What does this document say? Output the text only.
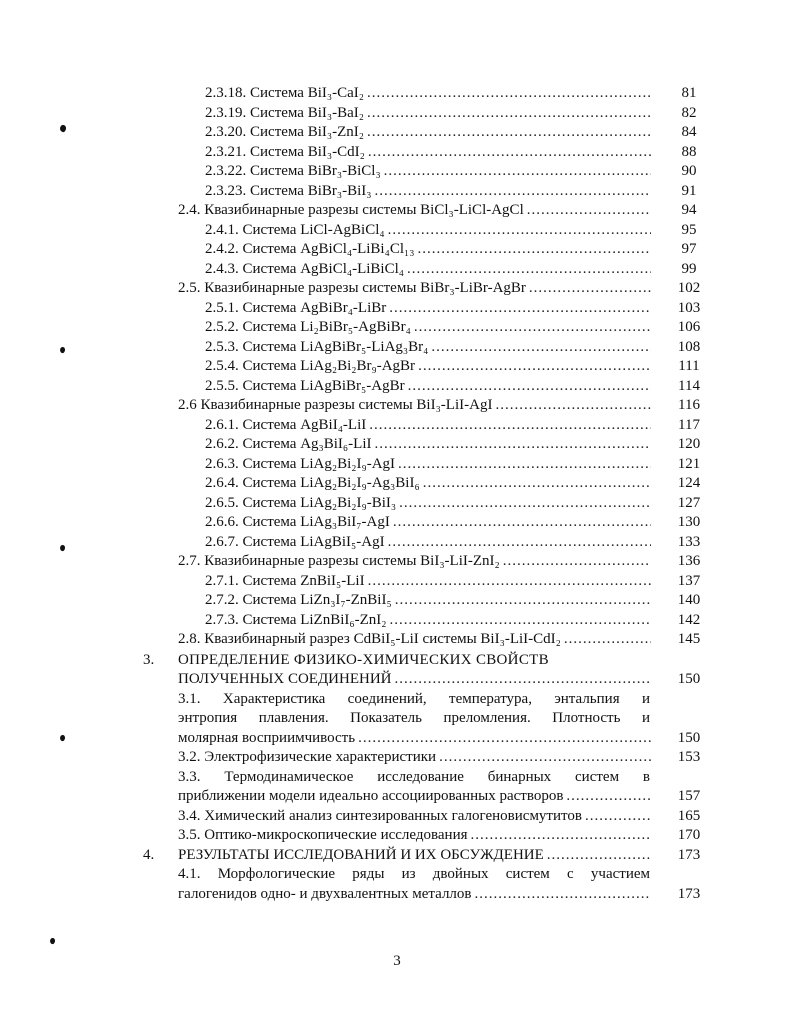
2.3.18. Система BiI₃-CaI₂ .....	81
2.3.19. Система BiI₃-BaI₂ .....	82
2.3.20. Система BiI₃-ZnI₂ .....	84
2.3.21. Система BiI₃-CdI₂ .....	88
2.3.22. Система BiBr₃-BiCl₃ .....	90
2.3.23. Система BiBr₃-BiI₃ .....	91
2.4. Квазибинарные разрезы системы BiCl₃-LiCl-AgCl .....	94
2.4.1. Система LiCl-AgBiCl₄ .....	95
2.4.2. Система AgBiCl₄-LiBi₄Cl₁₃ .....	97
2.4.3. Система AgBiCl₄-LiBiCl₄ .....	99
2.5. Квазибинарные разрезы системы BiBr₃-LiBr-AgBr .....	102
2.5.1. Система AgBiBr₄-LiBr .....	103
2.5.2. Система Li₂BiBr₅-AgBiBr₄ .....	106
2.5.3. Система LiAgBiBr₅-LiAg₃Br₄ .....	108
2.5.4. Система LiAg₂Bi₂Br₉-AgBr .....	111
2.5.5. Система LiAgBiBr₅-AgBr .....	114
2.6 Квазибинарные разрезы системы BiI₃-LiI-AgI .....	116
2.6.1. Система AgBiI₄-LiI .....	117
2.6.2. Система Ag₃BiI₆-LiI .....	120
2.6.3. Система LiAg₂Bi₂I₉-AgI .....	121
2.6.4. Система LiAg₂Bi₂I₉-Ag₃BiI₆ .....	124
2.6.5. Система LiAg₂Bi₂I₉-BiI₃ .....	127
2.6.6. Система LiAg₃BiI₇-AgI .....	130
2.6.7. Система LiAgBiI₅-AgI .....	133
2.7. Квазибинарные разрезы системы BiI₃-LiI-ZnI₂ .....	136
2.7.1. Система ZnBiI₅-LiI .....	137
2.7.2. Система LiZn₃I₇-ZnBiI₅ .....	140
2.7.3. Система LiZnBiI₆-ZnI₂ .....	142
2.8. Квазибинарный разрез CdBiI₅-LiI системы BiI₃-LiI-CdI₂ .....	145
3. ОПРЕДЕЛЕНИЕ ФИЗИКО-ХИМИЧЕСКИХ СВОЙСТВ
ПОЛУЧЕННЫХ СОЕДИНЕНИЙ .....	150
3.1. Характеристика соединений, температура, энтальпия и
энтропия плавления. Показатель преломления. Плотность и
молярная восприимчивость .....	150
3.2. Электрофизические характеристики .....	153
3.3. Термодинамическое исследование бинарных систем в
приближении модели идеально ассоциированных растворов .....	157
3.4. Химический анализ синтезированных галогеновисмутитов .....	165
3.5. Оптико-микроскопические исследования .....	170
4. РЕЗУЛЬТАТЫ ИССЛЕДОВАНИЙ И ИХ ОБСУЖДЕНИЕ .....	173
4.1. Морфологические ряды из двойных систем с участием
галогенидов одно- и двухвалентных металлов .....	173
3
